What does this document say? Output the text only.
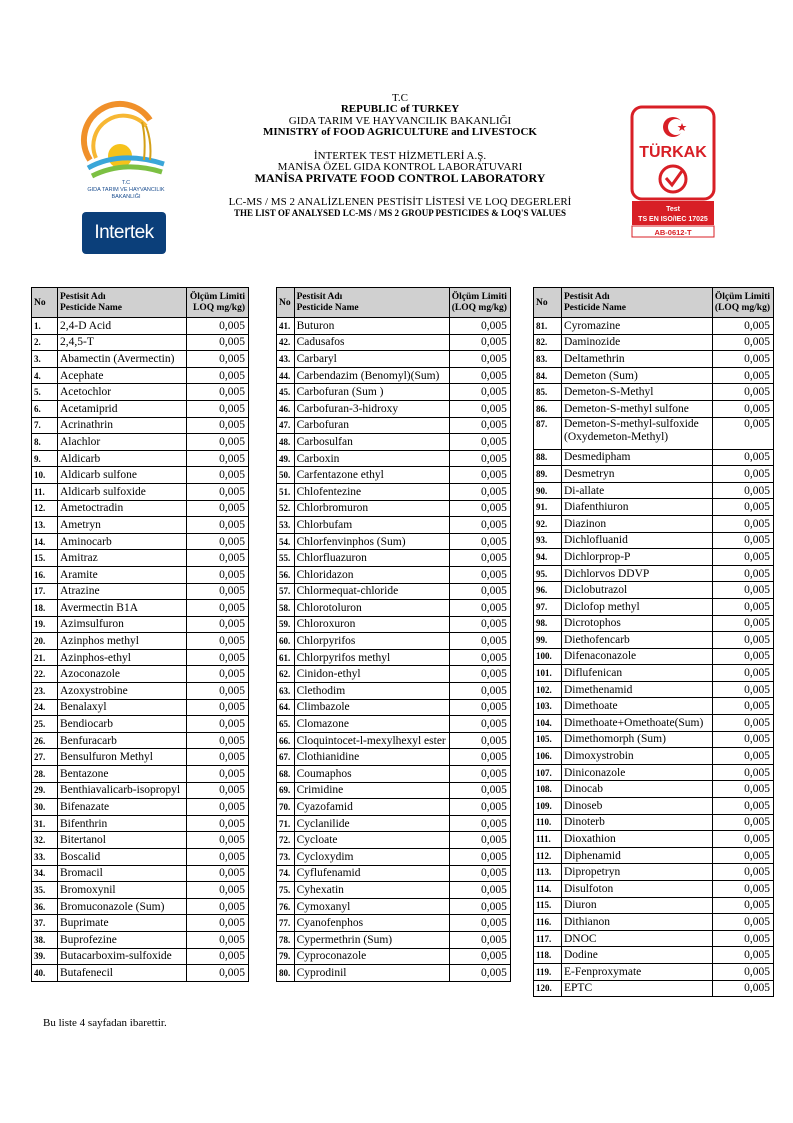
T.C
GIDA TARIM VE HAYVANCILIK
BAKANLIĞI
Intertek
TÜRKAK
Test
TS EN ISO/IEC 17025
AB-0612-T
T.C
REPUBLIC of TURKEY
GIDA TARIM VE HAYVANCILIK BAKANLIĞI
MINISTRY of FOOD AGRICULTURE and LIVESTOCK
İNTERTEK TEST HİZMETLERİ A.Ş.
MANİSA ÖZEL GIDA KONTROL LABORATUVARI
MANİSA PRIVATE FOOD CONTROL LABORATORY
LC-MS / MS 2 ANALİZLENEN PESTİSİT LİSTESİ VE LOQ DEGERLERİ
THE LIST OF ANALYSED LC-MS / MS 2 GROUP PESTICIDES & LOQ'S VALUES
No	Pestisit Adı
Pesticide Name	Ölçüm Limiti
LOQ mg/kg)
1.	2,4-D Acid	0,005
2.	2,4,5-T	0,005
3.	Abamectin (Avermectin)	0,005
4.	Acephate	0,005
5.	Acetochlor	0,005
6.	Acetamiprid	0,005
7.	Acrinathrin	0,005
8.	Alachlor	0,005
9.	Aldicarb	0,005
10.	Aldicarb sulfone	0,005
11.	Aldicarb sulfoxide	0,005
12.	Ametoctradin	0,005
13.	Ametryn	0,005
14.	Aminocarb	0,005
15.	Amitraz	0,005
16.	Aramite	0,005
17.	Atrazine	0,005
18.	Avermectin B1A	0,005
19.	Azimsulfuron	0,005
20.	Azinphos methyl	0,005
21.	Azinphos-ethyl	0,005
22.	Azoconazole	0,005
23.	Azoxystrobine	0,005
24.	Benalaxyl	0,005
25.	Bendiocarb	0,005
26.	Benfuracarb	0,005
27.	Bensulfuron Methyl	0,005
28.	Bentazone	0,005
29.	Benthiavalicarb-isopropyl	0,005
30.	Bifenazate	0,005
31.	Bifenthrin	0,005
32.	Bitertanol	0,005
33.	Boscalid	0,005
34.	Bromacil	0,005
35.	Bromoxynil	0,005
36.	Bromuconazole (Sum)	0,005
37.	Buprimate	0,005
38.	Buprofezine	0,005
39.	Butacarboxim-sulfoxide	0,005
40.	Butafenecil	0,005
No	Pestisit Adı
Pesticide Name	Ölçüm Limiti
(LOQ mg/kg)
41.	Buturon	0,005
42.	Cadusafos	0,005
43.	Carbaryl	0,005
44.	Carbendazim (Benomyl)(Sum)	0,005
45.	Carbofuran (Sum )	0,005
46.	Carbofuran-3-hidroxy	0,005
47.	Carbofuran	0,005
48.	Carbosulfan	0,005
49.	Carboxin	0,005
50.	Carfentazone ethyl	0,005
51.	Chlofentezine	0,005
52.	Chlorbromuron	0,005
53.	Chlorbufam	0,005
54.	Chlorfenvinphos (Sum)	0,005
55.	Chlorfluazuron	0,005
56.	Chloridazon	0,005
57.	Chlormequat-chloride	0,005
58.	Chlorotoluron	0,005
59.	Chloroxuron	0,005
60.	Chlorpyrifos	0,005
61.	Chlorpyrifos methyl	0,005
62.	Cinidon-ethyl	0,005
63.	Clethodim	0,005
64.	Climbazole	0,005
65.	Clomazone	0,005
66.	Cloquintocet-l-mexylhexyl ester	0,005
67.	Clothianidine	0,005
68.	Coumaphos	0,005
69.	Crimidine	0,005
70.	Cyazofamid	0,005
71.	Cyclanilide	0,005
72.	Cycloate	0,005
73.	Cycloxydim	0,005
74.	Cyflufenamid	0,005
75.	Cyhexatin	0,005
76.	Cymoxanyl	0,005
77.	Cyanofenphos	0,005
78.	Cypermethrin (Sum)	0,005
79.	Cyproconazole	0,005
80.	Cyprodinil	0,005
No	Pestisit Adı
Pesticide Name	Ölçüm Limiti
(LOQ mg/kg)
81.	Cyromazine	0,005
82.	Daminozide	0,005
83.	Deltamethrin	0,005
84.	Demeton (Sum)	0,005
85.	Demeton-S-Methyl	0,005
86.	Demeton-S-methyl sulfone	0,005
87.	Demeton-S-methyl-sulfoxide (Oxydemeton-Methyl)	0,005
88.	Desmedipham	0,005
89.	Desmetryn	0,005
90.	Di-allate	0,005
91.	Diafenthiuron	0,005
92.	Diazinon	0,005
93.	Dichlofluanid	0,005
94.	Dichlorprop-P	0,005
95.	Dichlorvos DDVP	0,005
96.	Diclobutrazol	0,005
97.	Diclofop methyl	0,005
98.	Dicrotophos	0,005
99.	Diethofencarb	0,005
100.	Difenaconazole	0,005
101.	Diflufenican	0,005
102.	Dimethenamid	0,005
103.	Dimethoate	0,005
104.	Dimethoate+Omethoate(Sum)	0,005
105.	Dimethomorph (Sum)	0,005
106.	Dimoxystrobin	0,005
107.	Diniconazole	0,005
108.	Dinocab	0,005
109.	Dinoseb	0,005
110.	Dinoterb	0,005
111.	Dioxathion	0,005
112.	Diphenamid	0,005
113.	Dipropetryn	0,005
114.	Disulfoton	0,005
115.	Diuron	0,005
116.	Dithianon	0,005
117.	DNOC	0,005
118.	Dodine	0,005
119.	E-Fenproxymate	0,005
120.	EPTC	0,005
Bu liste 4 sayfadan ibarettir.
